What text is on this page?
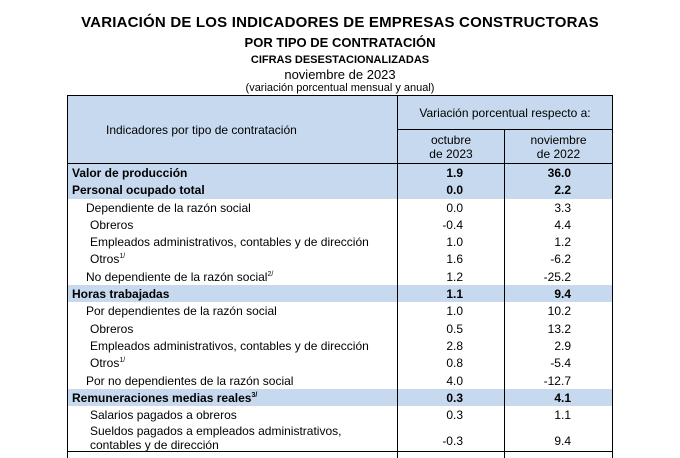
VARIACIÓN DE LOS INDICADORES DE EMPRESAS CONSTRUCTORAS
POR TIPO DE CONTRATACIÓN
CIFRAS DESESTACIONALIZADAS
noviembre de 2023
(variación porcentual mensual y anual)
Indicadores por tipo de contratación
Variación porcentual respecto a:
octubre
de 2023
noviembre
de 2022
Valor de producción	1.9	36.0
Personal ocupado total	0.0	2.2
Dependiente de la razón social	0.0	3.3
Obreros	-0.4	4.4
Empleados administrativos, contables y de dirección	1.0	1.2
Otros$^{1/}$	1.6	-6.2
No dependiente de la razón social$^{2/}$	1.2	-25.2
Horas trabajadas	1.1	9.4
Por dependientes de la razón social	1.0	10.2
Obreros	0.5	13.2
Empleados administrativos, contables y de dirección	2.8	2.9
Otros$^{1/}$	0.8	-5.4
Por no dependientes de la razón social	4.0	-12.7
Remuneraciones medias reales$^{3/}$	0.3	4.1
Salarios pagados a obreros	0.3	1.1
Sueldos pagados a empleados administrativos, contables y de dirección	-0.3	9.4
